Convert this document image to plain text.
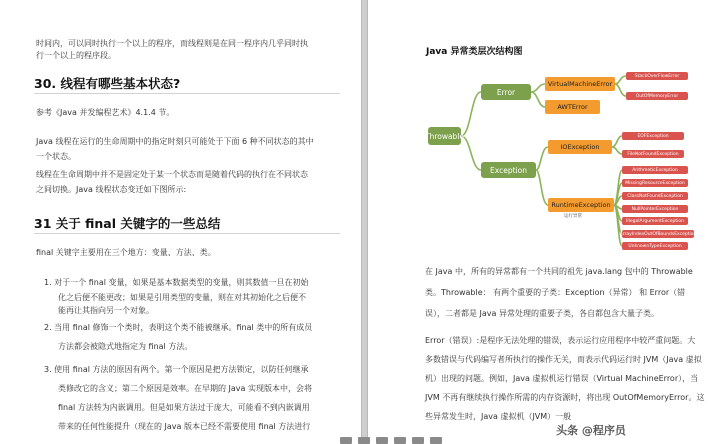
时间内，可以同时执行一个以上的程序，而线程则是在同一程序内几乎同时执
行一个以上的程序段。
30. 线程有哪些基本状态?
参考《Java 并发编程艺术》4.1.4 节。
Java 线程在运行的生命周期中的指定时刻只可能处于下面 6 种不同状态的其中
一个状态。
线程在生命周期中并不是固定处于某一个状态而是随着代码的执行在不同状态
之间切换。Java 线程状态变迁如下图所示:
31 关于 final 关键字的一些总结
final 关键字主要用在三个地方：变量、方法、类。
1. 对于一个 final 变量，如果是基本数据类型的变量，则其数值一旦在初始
化之后便不能更改；如果是引用类型的变量，则在对其初始化之后便不
能再让其指向另一个对象。
2. 当用 final 修饰一个类时，表明这个类不能被继承。final 类中的所有成员
方法都会被隐式地指定为 final 方法。
3. 使用 final 方法的原因有两个。第一个原因是把方法锁定，以防任何继承
类修改它的含义；第二个原因是效率。在早期的 Java 实现版本中，会将
final 方法转为内嵌调用。但是如果方法过于庞大，可能看不到内嵌调用
带来的任何性能提升（现在的 Java 版本已经不需要使用 final 方法进行
Java 异常类层次结构图
Throwable
Error
Exception
VirtualMachineError
AWTError
IOException
RuntimeException
运行异常
StackOverFlowError
OutOfMemoryError
EOFException
FileNotFoundException
ArithmeticException
MissingResourceException
ClassNotFoundException
NullPointerException
IllegalArgumentException
ArrayIndexOutOfBoundsException
UnknownTypeException
在 Java 中，所有的异常都有一个共同的祖先 java.lang 包中的 Throwable
类。Throwable： 有两个重要的子类：Exception（异常） 和 Error（错
误），二者都是 Java 异常处理的重要子类，各自都包含大量子类。
Error（错误）:是程序无法处理的错误，表示运行应用程序中较严重问题。大
多数错误与代码编写者所执行的操作无关，而表示代码运行时 JVM（Java 虚拟
机）出现的问题。例如，Java 虚拟机运行错误（Virtual MachineError），当
JVM 不再有继续执行操作所需的内存资源时，将出现 OutOfMemoryError。这
些异常发生时，Java 虚拟机（JVM）一般
头条 @程序员
